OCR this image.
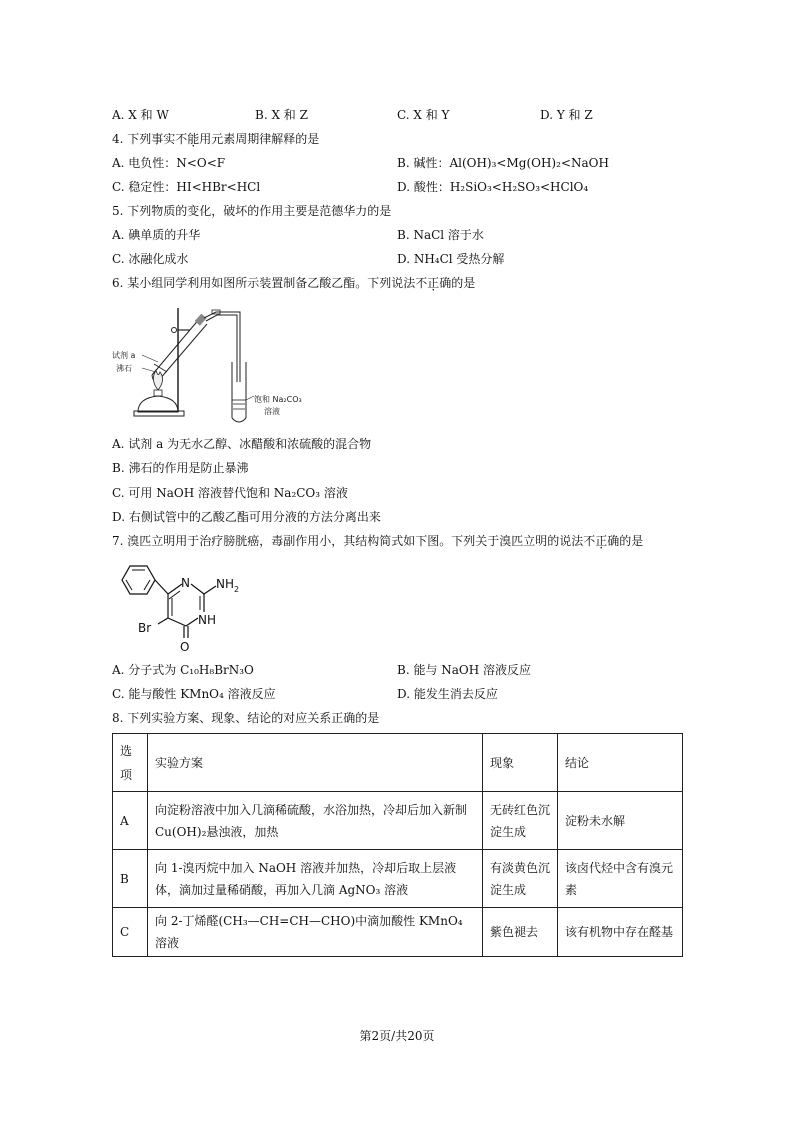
A. X 和 W	B. X 和 Z	C. X 和 Y	D. Y 和 Z
4. 下列事实不能用元素周期律解释的是
A. 电负性：N<O<F	B. 碱性：Al(OH)₃<Mg(OH)₂<NaOH
C. 稳定性：HI<HBr<HCl	D. 酸性：H₂SiO₃<H₂SO₃<HClO₄
5. 下列物质的变化，破坏的作用主要是范德华力的是
A. 碘单质的升华	B. NaCl 溶于水
C. 冰融化成水	D. NH₄Cl 受热分解
6. 某小组同学利用如图所示装置制备乙酸乙酯。下列说法不正确的是
试剂 a
沸石
饱和 Na₂CO₃
溶液
A. 试剂 a 为无水乙醇、冰醋酸和浓硫酸的混合物
B. 沸石的作用是防止暴沸
C. 可用 NaOH 溶液替代饱和 Na₂CO₃ 溶液
D. 右侧试管中的乙酸乙酯可用分液的方法分离出来
7. 溴匹立明用于治疗膀胱癌，毒副作用小，其结构简式如下图。下列关于溴匹立明的说法不正确的是
N $NH_2$
NH
Br
O
A. 分子式为 C₁₀H₈BrN₃O	B. 能与 NaOH 溶液反应
C. 能与酸性 KMnO₄ 溶液反应	D. 能发生消去反应
8. 下列实验方案、现象、结论的对应关系正确的是
选项	实验方案	现象	结论
A	向淀粉溶液中加入几滴稀硫酸，水浴加热，冷却后加入新制Cu(OH)₂悬浊液，加热	无砖红色沉淀生成	淀粉未水解
B	向 1-溴丙烷中加入 NaOH 溶液并加热，冷却后取上层液体，滴加过量稀硝酸，再加入几滴 AgNO₃ 溶液	有淡黄色沉淀生成	该卤代烃中含有溴元素
C	向 2-丁烯醛(CH₃—CH=CH—CHO)中滴加酸性 KMnO₄ 溶液	紫色褪去	该有机物中存在醛基
第2页/共20页
